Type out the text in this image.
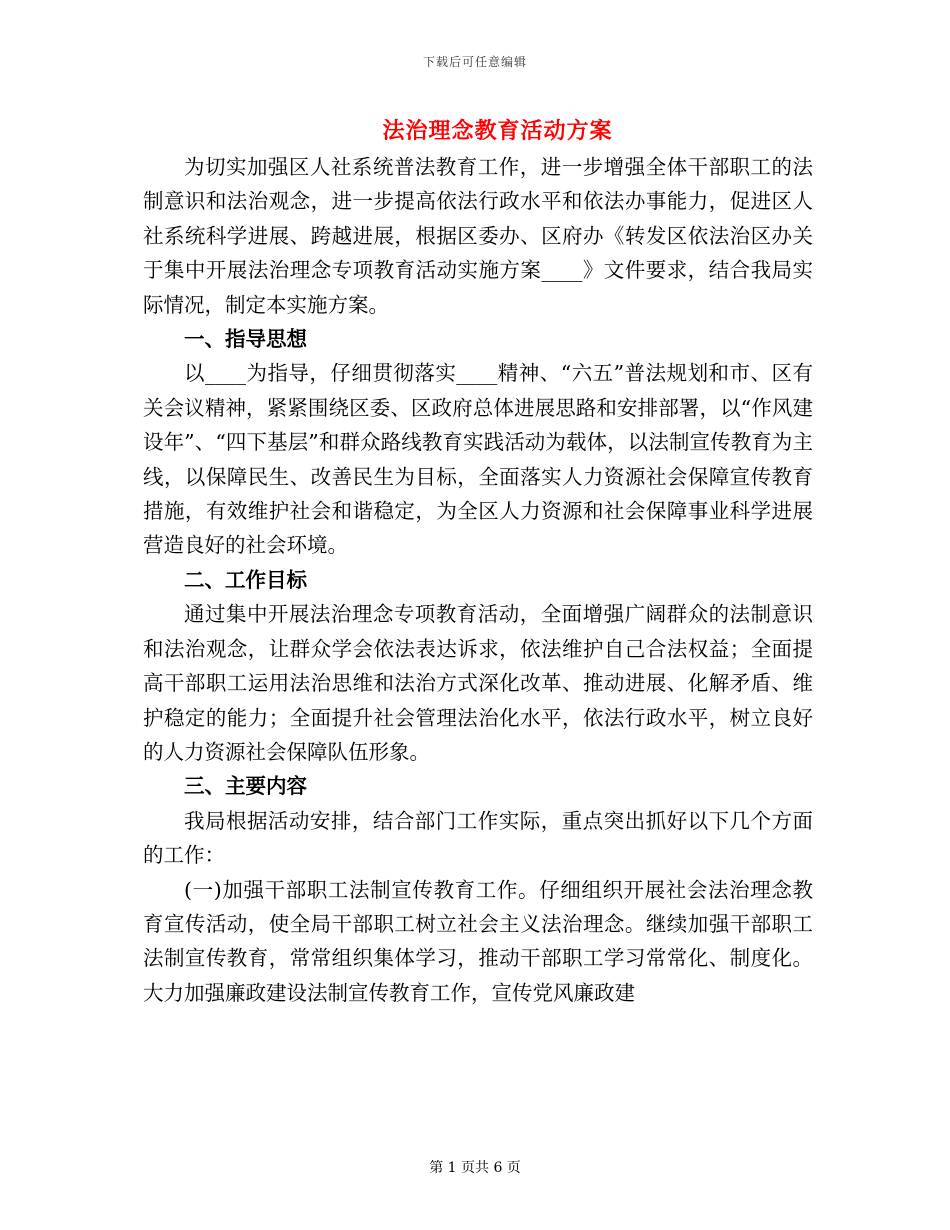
下载后可任意编辑
法治理念教育活动方案

为切实加强区人社系统普法教育工作，进一步增强全体干部职工的法制意识和法治观念，进一步提高依法行政水平和依法办事能力，促进区人社系统科学进展、跨越进展，根据区委办、区府办《转发区依法治区办关于集中开展法治理念专项教育活动实施方案____》文件要求，结合我局实际情况，制定本实施方案。

一、指导思想

以____为指导，仔细贯彻落实____精神、“六五”普法规划和市、区有关会议精神，紧紧围绕区委、区政府总体进展思路和安排部署，以“作风建设年”、“四下基层”和群众路线教育实践活动为载体，以法制宣传教育为主线，以保障民生、改善民生为目标，全面落实人力资源社会保障宣传教育措施，有效维护社会和谐稳定，为全区人力资源和社会保障事业科学进展营造良好的社会环境。

二、工作目标

通过集中开展法治理念专项教育活动，全面增强广阔群众的法制意识和法治观念，让群众学会依法表达诉求，依法维护自己合法权益；全面提高干部职工运用法治思维和法治方式深化改革、推动进展、化解矛盾、维护稳定的能力；全面提升社会管理法治化水平，依法行政水平，树立良好的人力资源社会保障队伍形象。

三、主要内容

我局根据活动安排，结合部门工作实际，重点突出抓好以下几个方面的工作：

(一)加强干部职工法制宣传教育工作。仔细组织开展社会法治理念教育宣传活动，使全局干部职工树立社会主义法治理念。继续加强干部职工法制宣传教育，常常组织集体学习，推动干部职工学习常常化、制度化。大力加强廉政建设法制宣传教育工作，宣传党风廉政建

第 1 页共 6 页
